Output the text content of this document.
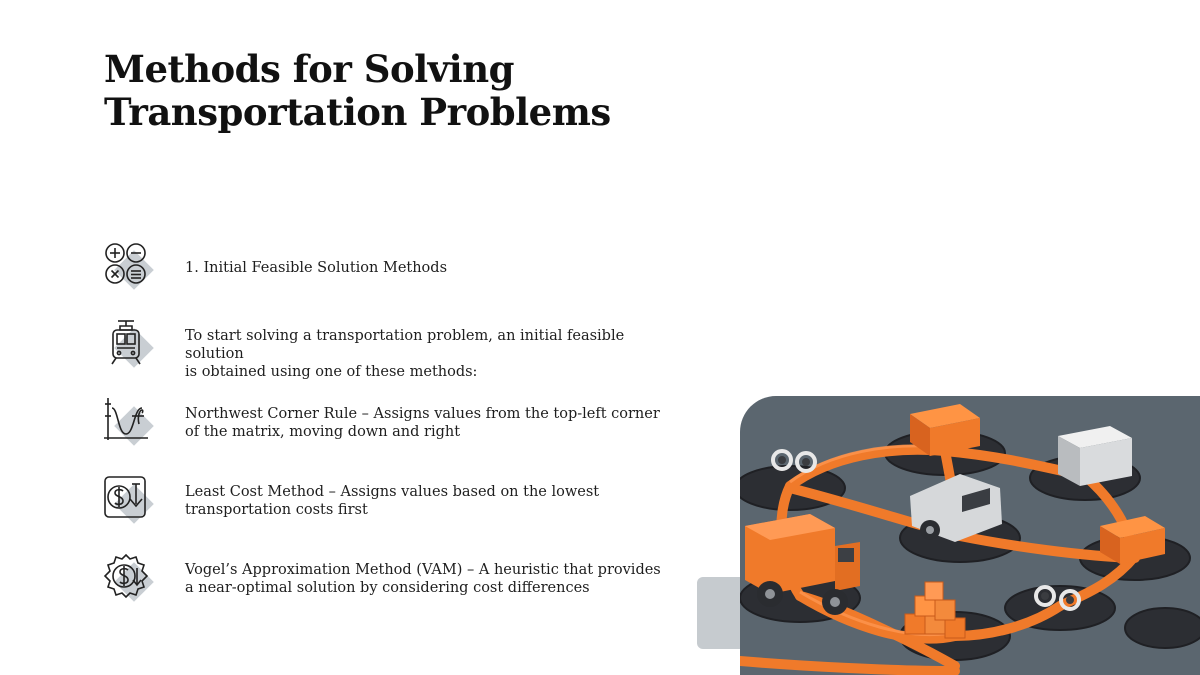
Methods for Solving
Transportation Problems
1. Initial Feasible Solution Methods
To start solving a transportation problem, an initial feasible solution
is obtained using one of these methods:
Northwest Corner Rule – Assigns values from the top-left corner
of the matrix, moving down and right
Least Cost Method – Assigns values based on the lowest
transportation costs first
Vogel’s Approximation Method (VAM) – A heuristic that provides
a near-optimal solution by considering cost differences
